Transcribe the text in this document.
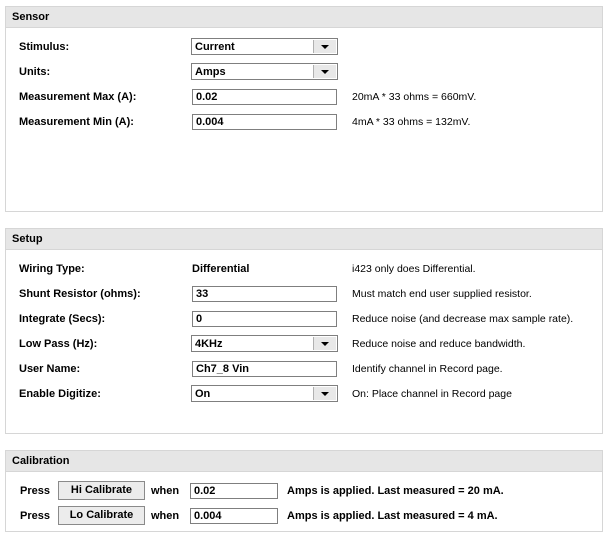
Sensor
Stimulus:	Current
Units:	Amps
Measurement Max (A):	0.02	20mA * 33 ohms = 660mV.
Measurement Min (A):	0.004	4mA * 33 ohms = 132mV.
Setup
Wiring Type:	Differential	i423 only does Differential.
Shunt Resistor (ohms):	33	Must match end user supplied resistor.
Integrate (Secs):	0	Reduce noise (and decrease max sample rate).
Low Pass (Hz):	4KHz	Reduce noise and reduce bandwidth.
User Name:	Ch7_8 Vin	Identify channel in Record page.
Enable Digitize:	On	On: Place channel in Record page
Calibration
Press	Hi Calibrate	when	0.02	Amps is applied. Last measured = 20 mA.
Press	Lo Calibrate	when	0.004	Amps is applied. Last measured = 4 mA.
